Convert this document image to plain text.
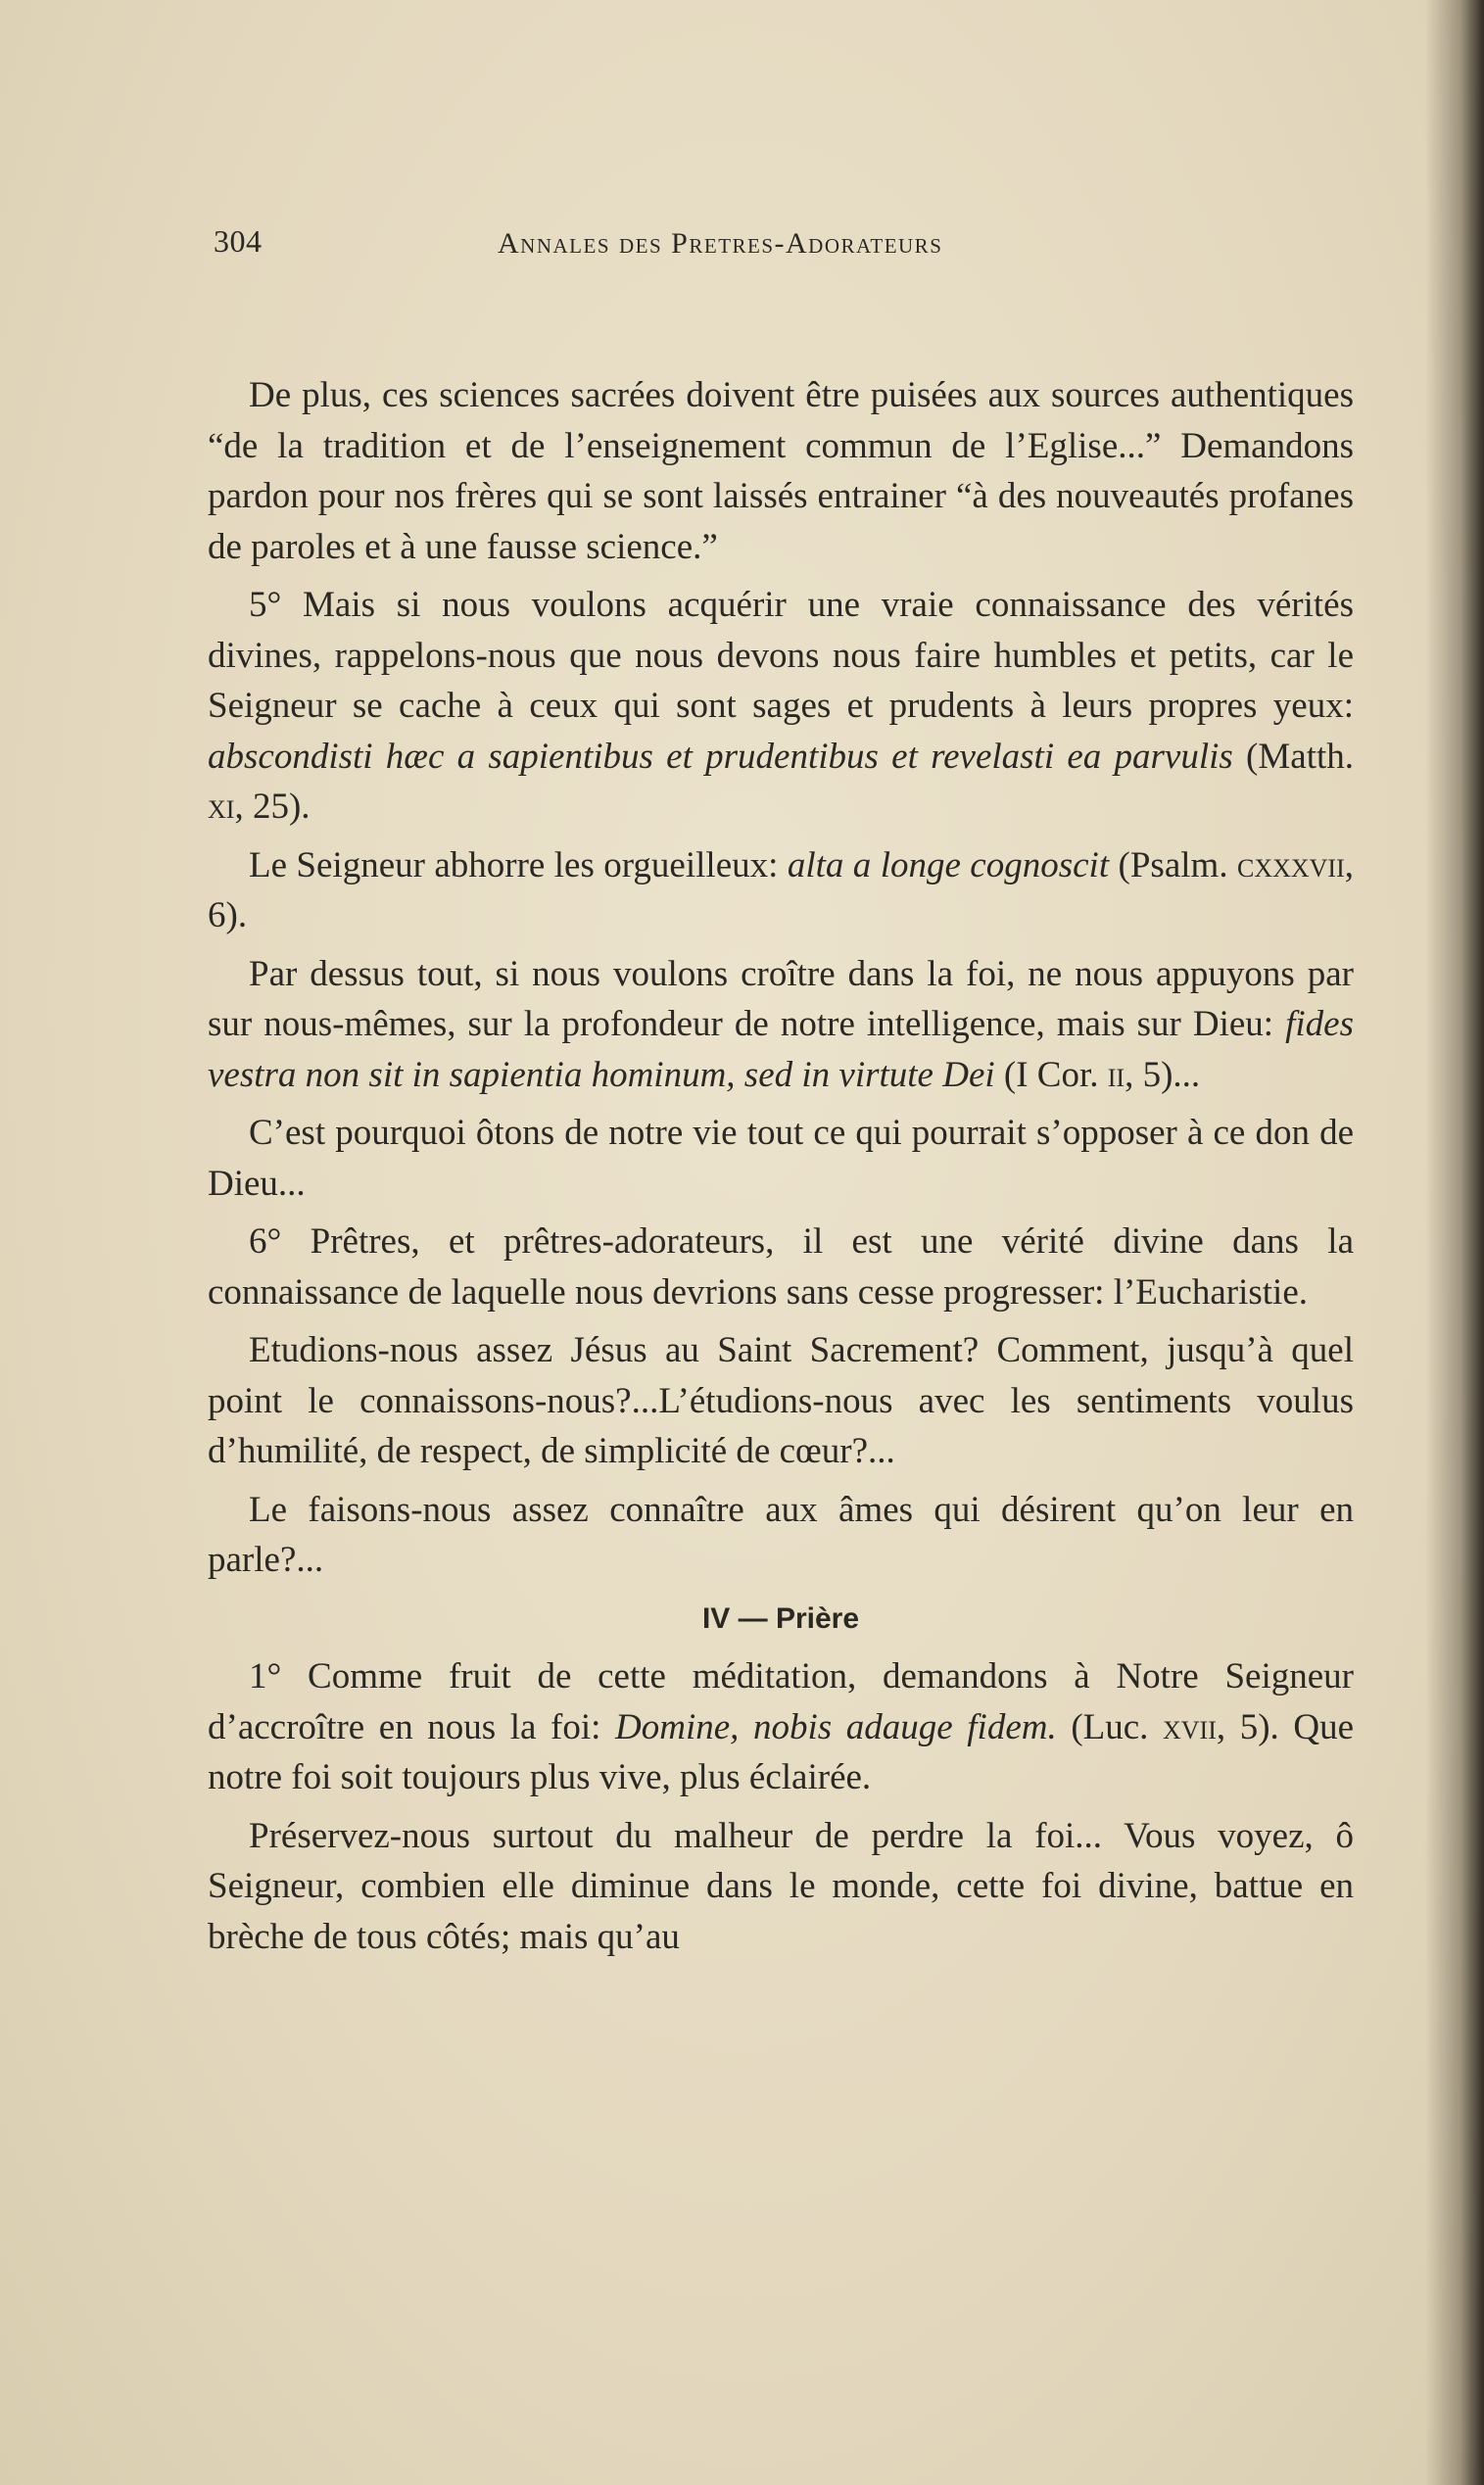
304	Annales des Pretres-Adorateurs

De plus, ces sciences sacrées doivent être puisées aux sources authentiques “de la tradition et de l’enseignement commun de l’Eglise...” Demandons pardon pour nos frères qui se sont laissés entrainer “à des nouveautés profanes de paroles et à une fausse science.”

5° Mais si nous voulons acquérir une vraie connaissance des vérités divines, rappelons-nous que nous devons nous faire humbles et petits, car le Seigneur se cache à ceux qui sont sages et prudents à leurs propres yeux: abscondisti hæc a sapientibus et prudentibus et revelasti ea parvulis (Matth. xi, 25).

Le Seigneur abhorre les orgueilleux: alta a longe cognoscit (Psalm. cxxxvii, 6).

Par dessus tout, si nous voulons croître dans la foi, ne nous appuyons par sur nous-mêmes, sur la profondeur de notre intelligence, mais sur Dieu: fides vestra non sit in sapientia hominum, sed in virtute Dei (I Cor. ii, 5)...

C’est pourquoi ôtons de notre vie tout ce qui pourrait s’opposer à ce don de Dieu...

6° Prêtres, et prêtres-adorateurs, il est une vérité divine dans la connaissance de laquelle nous devrions sans cesse progresser: l’Eucharistie.

Etudions-nous assez Jésus au Saint Sacrement? Comment, jusqu’à quel point le connaissons-nous?...L’étudions-nous avec les sentiments voulus d’humilité, de respect, de simplicité de cœur?...

Le faisons-nous assez connaître aux âmes qui désirent qu’on leur en parle?...

IV — Prière

1° Comme fruit de cette méditation, demandons à Notre Seigneur d’accroître en nous la foi: Domine, nobis adauge fidem. (Luc. xvii, 5). Que notre foi soit toujours plus vive, plus éclairée.

Préservez-nous surtout du malheur de perdre la foi... Vous voyez, ô Seigneur, combien elle diminue dans le monde, cette foi divine, battue en brèche de tous côtés; mais qu’au
